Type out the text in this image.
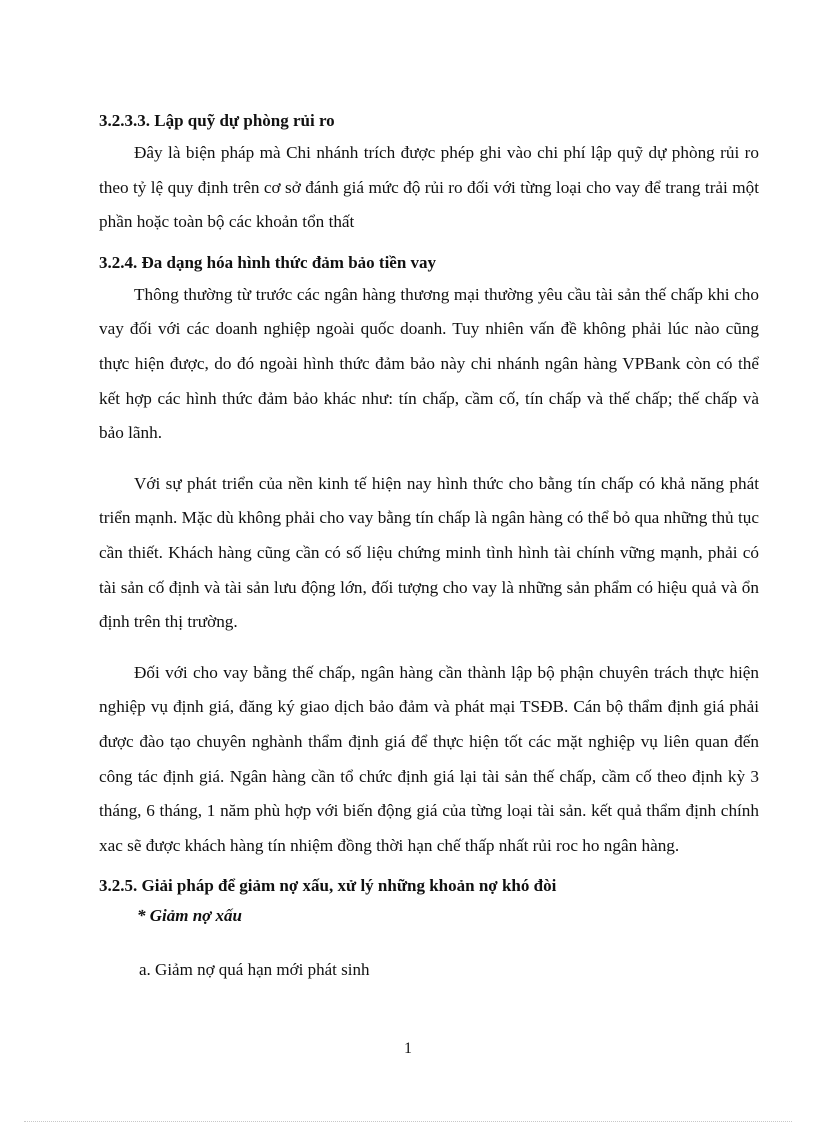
3.2.3.3. Lập quỹ dự phòng rủi ro

Đây là biện pháp mà Chi nhánh trích được phép ghi vào chi phí lập quỹ dự phòng rủi ro theo tỷ lệ quy định trên cơ sở đánh giá mức độ rủi ro đối với từng loại cho vay để trang trải một phần hoặc toàn bộ các khoản tổn thất

3.2.4. Đa dạng hóa hình thức đảm bảo tiền vay

Thông thường từ trước các ngân hàng thương mại thường yêu cầu tài sản thế chấp khi cho vay đối với các doanh nghiệp ngoài quốc doanh. Tuy nhiên vấn đề không phải lúc nào cũng thực hiện được, do đó ngoài hình thức đảm bảo này chi nhánh ngân hàng VPBank còn có thể kết hợp các hình thức đảm bảo khác như: tín chấp, cầm cố, tín chấp và thế chấp; thế chấp và bảo lãnh.

Với sự phát triển của nền kinh tế hiện nay hình thức cho bằng tín chấp có khả năng phát triển mạnh. Mặc dù không phải cho vay bằng tín chấp là ngân hàng có thể bỏ qua những thủ tục cần thiết. Khách hàng cũng cần có số liệu chứng minh tình hình tài chính vững mạnh, phải có tài sản cố định và tài sản lưu động lớn, đối tượng cho vay là những sản phẩm có hiệu quả và ổn định trên thị trường.

Đối với cho vay bằng thế chấp, ngân hàng cần thành lập bộ phận chuyên trách thực hiện nghiệp vụ định giá, đăng ký giao dịch bảo đảm và phát mại TSĐB. Cán bộ thẩm định giá phải được đào tạo chuyên nghành thẩm định giá để thực hiện tốt các mặt nghiệp vụ liên quan đến công tác định giá. Ngân hàng cần tổ chức định giá lại tài sản thế chấp, cầm cố theo định kỳ 3 tháng, 6 tháng, 1 năm phù hợp với biến động giá của từng loại tài sản. kết quả thẩm định chính xac sẽ được khách hàng tín nhiệm đồng thời hạn chế thấp nhất rủi roc ho ngân hàng.

3.2.5. Giải pháp để giảm nợ xấu, xử lý những khoản nợ khó đòi

* Giảm nợ xấu

a. Giảm nợ quá hạn mới phát sinh

1
